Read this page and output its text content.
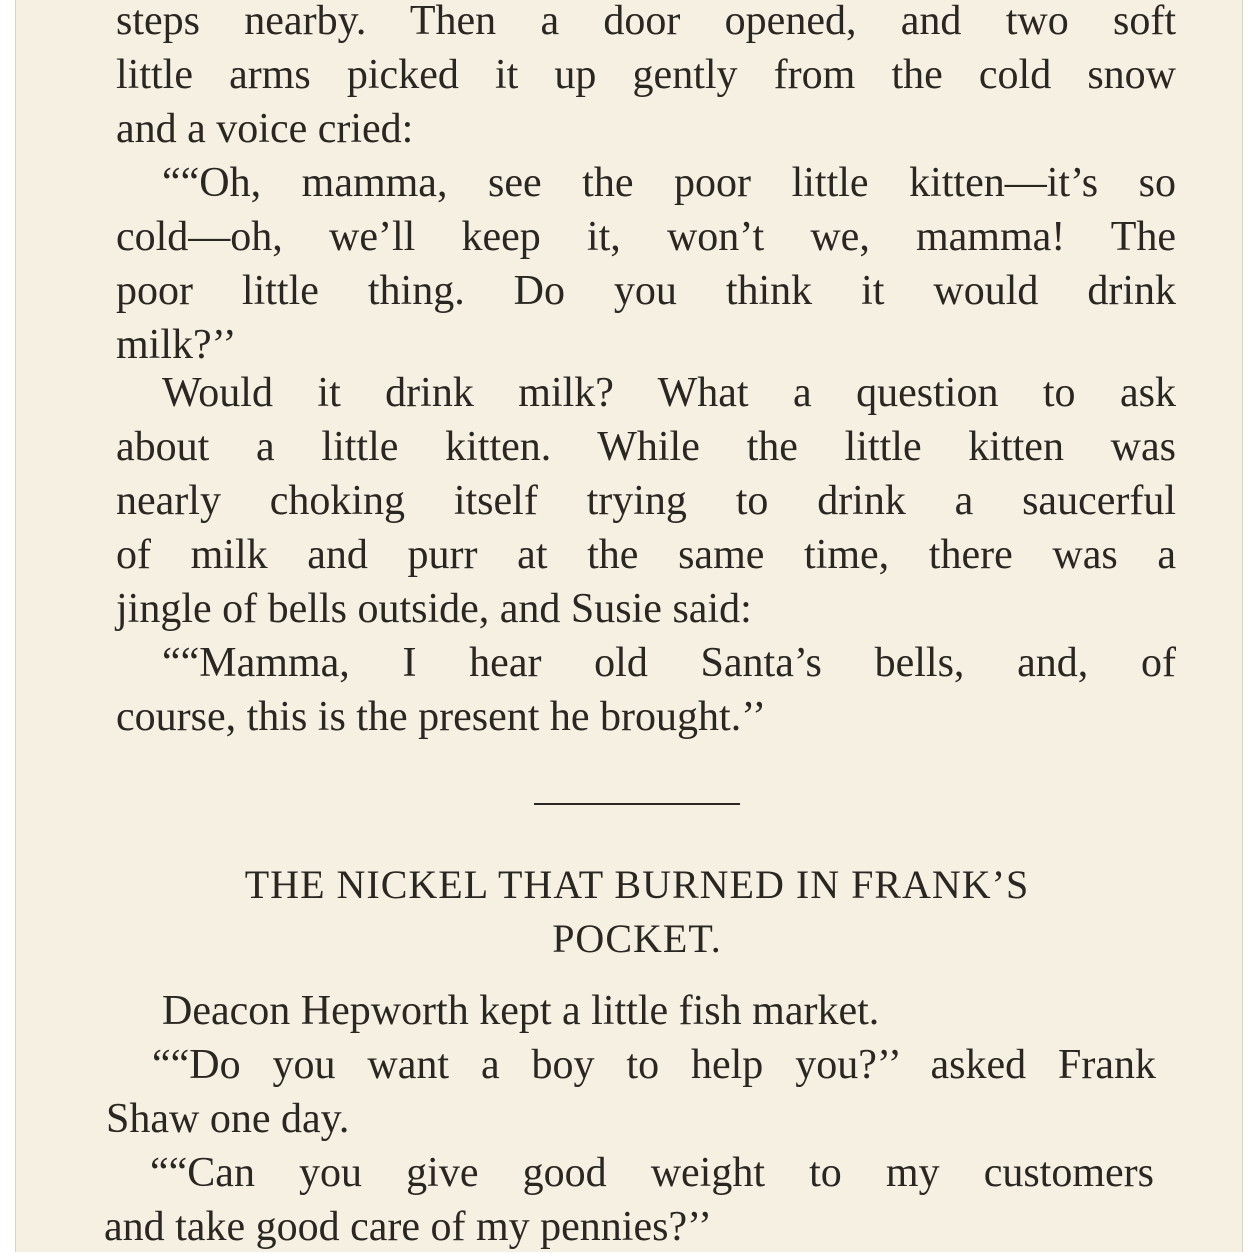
steps nearby. Then a door opened, and two soft
little arms picked it up gently from the cold snow
and a voice cried:
““Oh, mamma, see the poor little kitten—it’s so
cold—oh, we’ll keep it, won’t we, mamma! The
poor little thing. Do you think it would drink
milk?’’
Would it drink milk? What a question to ask
about a little kitten. While the little kitten was
nearly choking itself trying to drink a saucerful
of milk and purr at the same time, there was a
jingle of bells outside, and Susie said:
““Mamma, I hear old Santa’s bells, and, of
course, this is the present he brought.’’
THE NICKEL THAT BURNED IN FRANK’S
POCKET.
Deacon Hepworth kept a little fish market.
““Do you want a boy to help you?’’ asked Frank
Shaw one day.
““Can you give good weight to my customers
and take good care of my pennies?’’
